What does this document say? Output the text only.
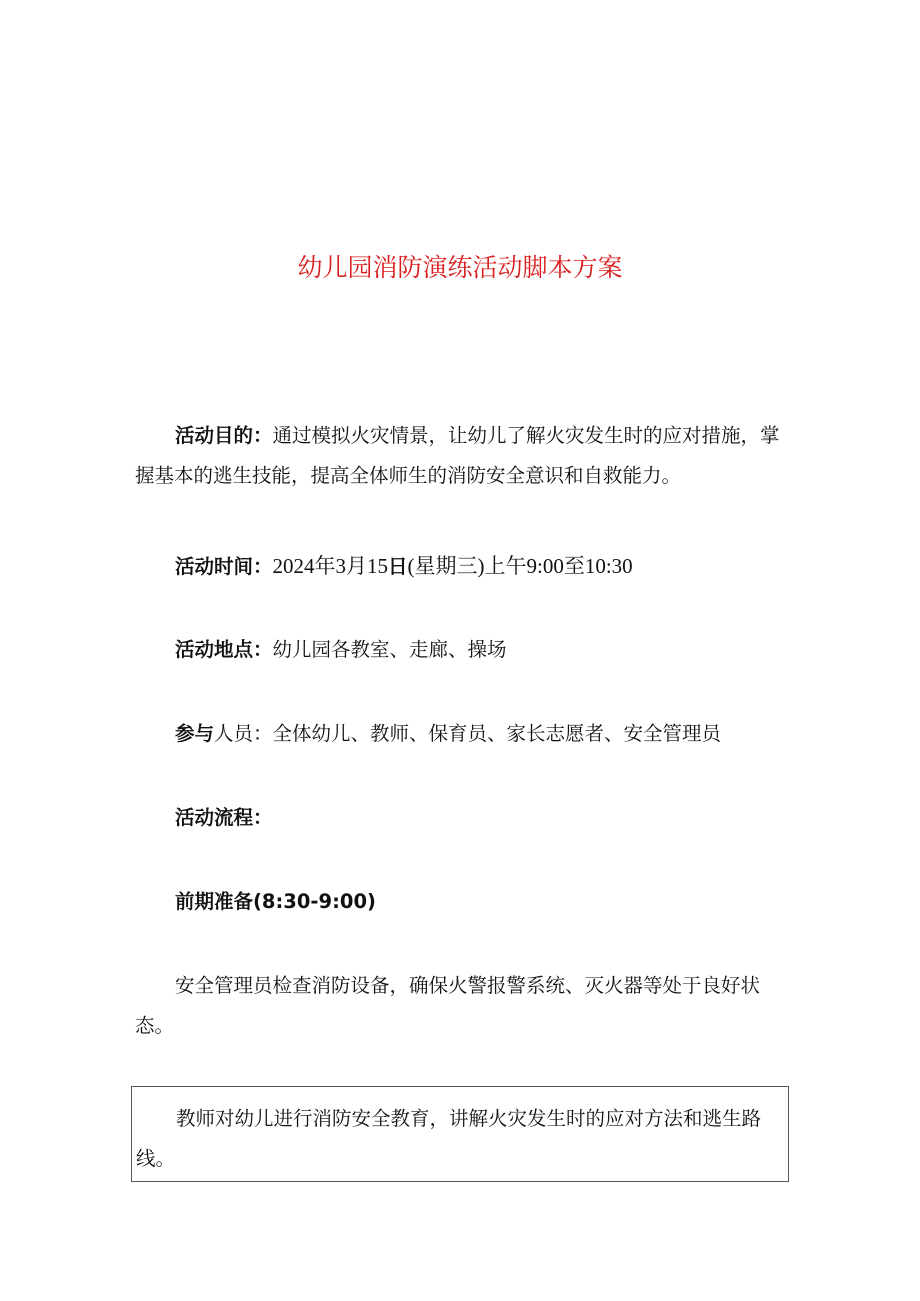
幼儿园消防演练活动脚本方案

活动目的：通过模拟火灾情景，让幼儿了解火灾发生时的应对措施，掌握基本的逃生技能，提高全体师生的消防安全意识和自救能力。

活动时间：2024年3月15日(星期三)上午9:00至10:30

活动地点：幼儿园各教室、走廊、操场

参与人员：全体幼儿、教师、保育员、家长志愿者、安全管理员

活动流程：

前期准备(8:30-9:00)

安全管理员检查消防设备，确保火警报警系统、灭火器等处于良好状态。

教师对幼儿进行消防安全教育，讲解火灾发生时的应对方法和逃生路线。
